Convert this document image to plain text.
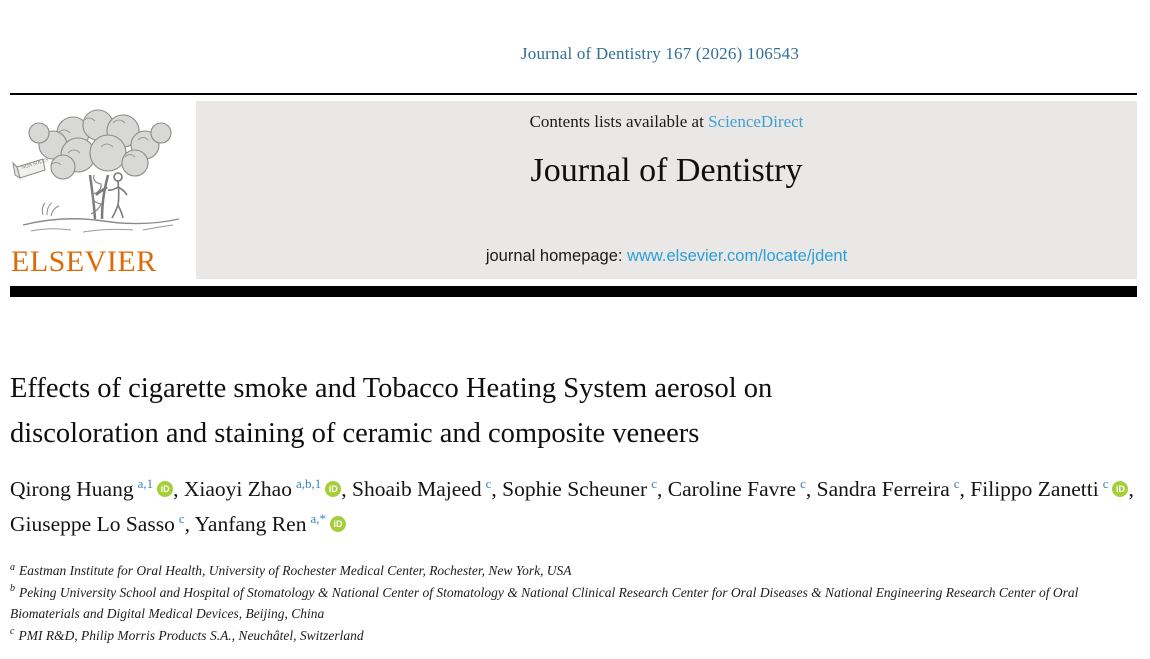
Journal of Dentistry 167 (2026) 106543
NON SOLUS
ELSEVIER
Contents lists available at ScienceDirect
Journal of Dentistry
journal homepage: www.elsevier.com/locate/jdent
Effects of cigarette smoke and Tobacco Heating System aerosol on
discoloration and staining of ceramic and composite veneers
Qirong Huang $^{a,1}$ iD , Xiaoyi Zhao $^{a,b,1}$ iD , Shoaib Majeed $^c$, Sophie Scheuner $^c$, Caroline Favre $^c$, Sandra Ferreira $^c$, Filippo Zanetti $^c$ iD , Giuseppe Lo Sasso $^c$, Yanfang Ren $^{a,*}$ iD
$^a$ Eastman Institute for Oral Health, University of Rochester Medical Center, Rochester, New York, USA
$^b$ Peking University School and Hospital of Stomatology & National Center of Stomatology & National Clinical Research Center for Oral Diseases & National Engineering Research Center of Oral Biomaterials and Digital Medical Devices, Beijing, China
$^c$ PMI R&D, Philip Morris Products S.A., Neuchâtel, Switzerland
